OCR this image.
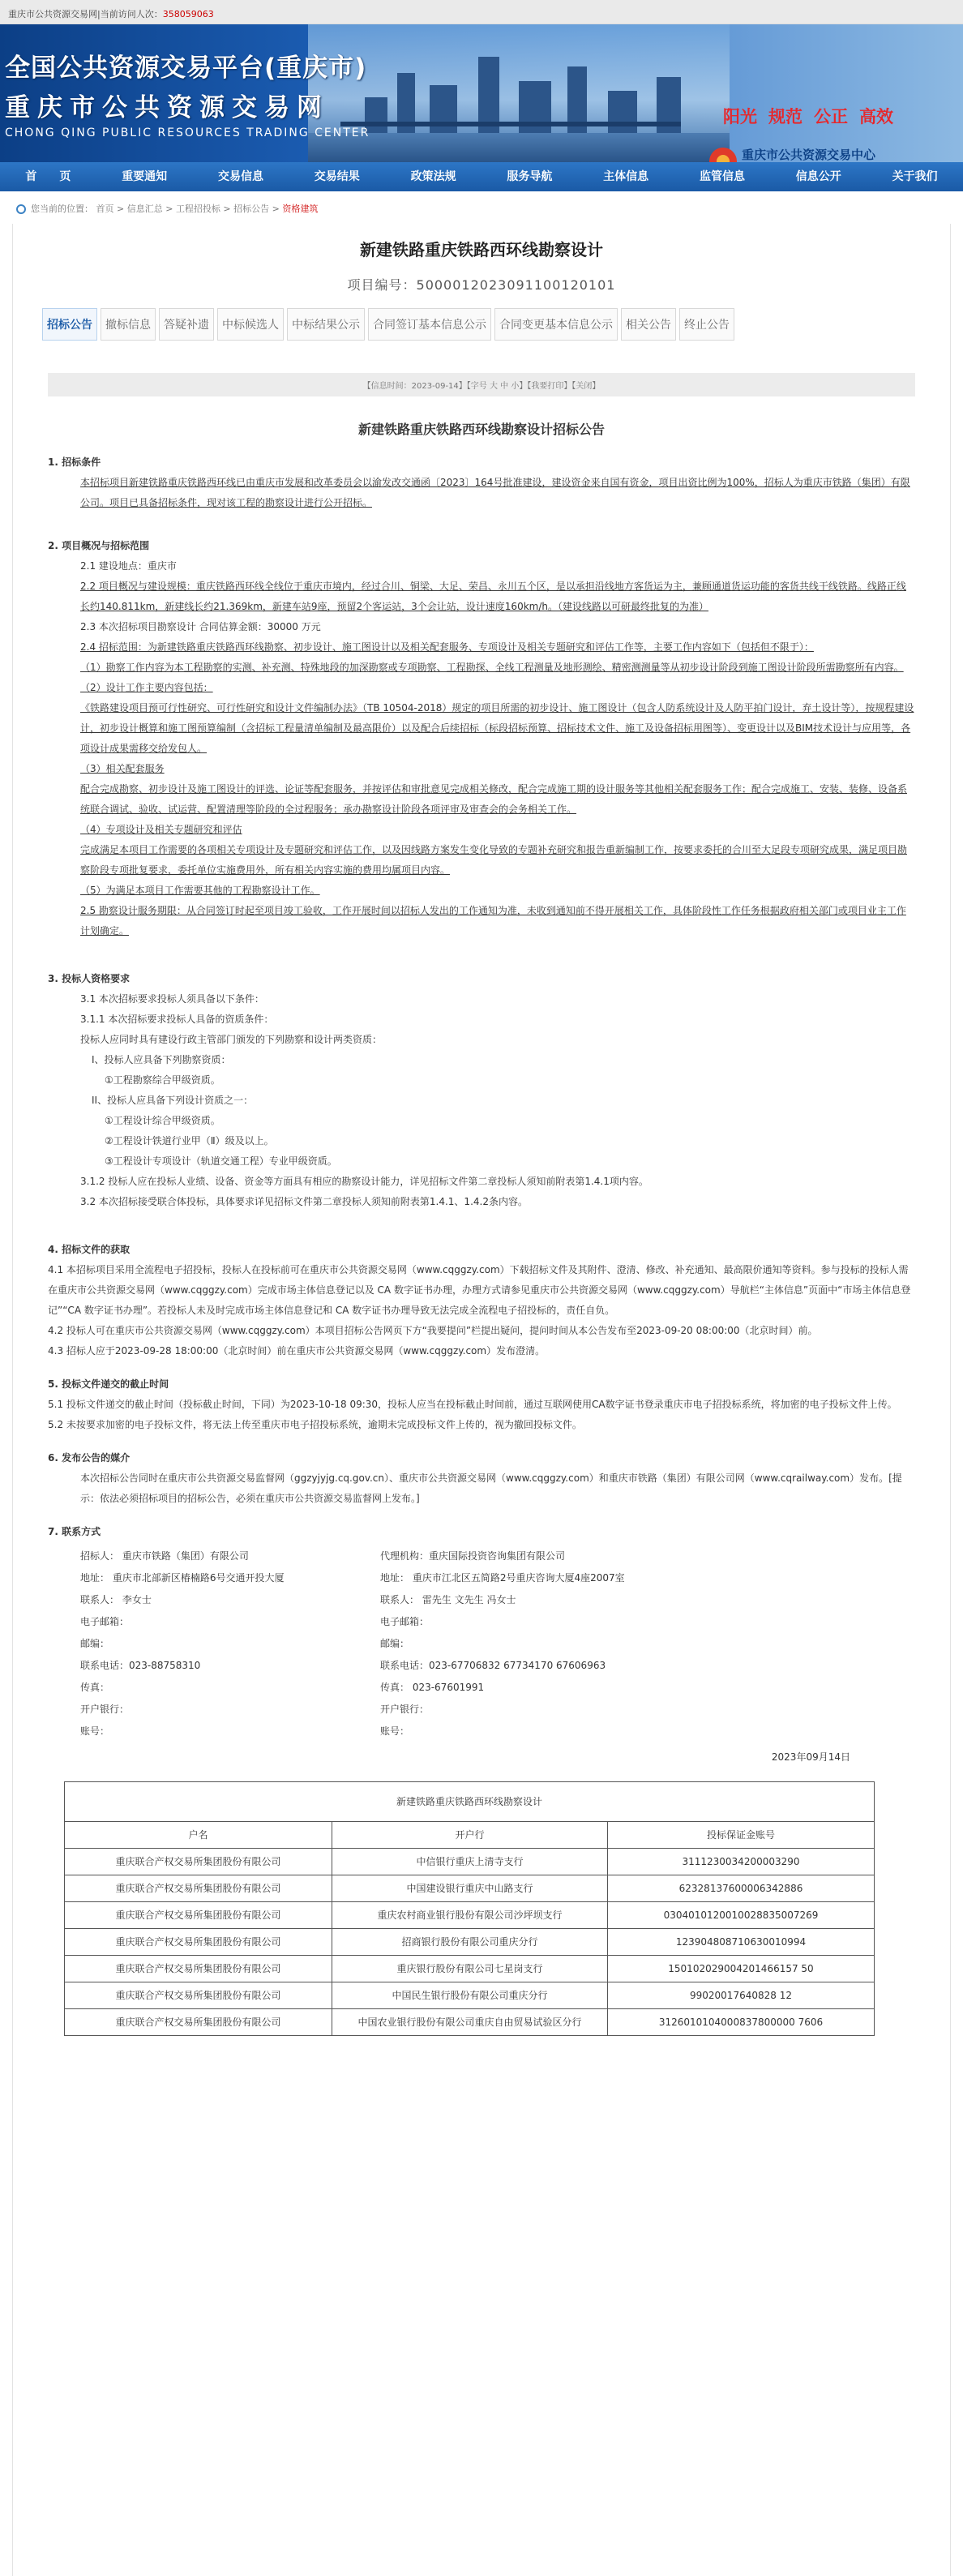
重庆市公共资源交易网|当前访问人次：358059063
全国公共资源交易平台(重庆市)
重庆市公共资源交易网
CHONG QING PUBLIC RESOURCES TRADING CENTER
阳光 规范 公正 高效
重庆市公共资源交易中心
首　　页	重要通知	交易信息	交易结果	政策法规	服务导航	主体信息	监管信息	信息公开	关于我们
您当前的位置： 首页 > 信息汇总 > 工程招投标 > 招标公告 > 资格建筑
新建铁路重庆铁路西环线勘察设计
项目编号：5000012023091100120101
招标公告	撤标信息	答疑补遗	中标候选人	中标结果公示	合同签订基本信息公示	合同变更基本信息公示	相关公告	终止公告
【信息时间：2023-09-14】【字号 大 中 小】【我要打印】【关闭】
新建铁路重庆铁路西环线勘察设计招标公告

1. 招标条件

本招标项目新建铁路重庆铁路西环线已由重庆市发展和改革委员会以渝发改交通函〔2023〕164号批准建设，建设资金来自国有资金，项目出资比例为100%，招标人为重庆市铁路（集团）有限公司。项目已具备招标条件，现对该工程的勘察设计进行公开招标。

2. 项目概况与招标范围

2.1 建设地点：重庆市

2.2 项目概况与建设规模：重庆铁路西环线全线位于重庆市境内，经过合川、铜梁、大足、荣昌、永川五个区，是以承担沿线地方客货运为主，兼顾通道货运功能的客货共线干线铁路。线路正线长约140.811km，新建线长约21.369km，新建车站9座，预留2个客运站，3个会让站，设计速度160km/h。（建设线路以可研最终批复的为准）

2.3 本次招标项目勘察设计 合同估算金额：30000 万元

2.4 招标范围：为新建铁路重庆铁路西环线勘察、初步设计、施工图设计以及相关配套服务、专项设计及相关专题研究和评估工作等，主要工作内容如下（包括但不限于）：

（1）勘察工作内容为本工程勘察的实测、补充测、特殊地段的加深勘察或专项勘察、工程勘探、全线工程测量及地形测绘、精密测测量等从初步设计阶段到施工图设计阶段所需勘察所有内容。

（2）设计工作主要内容包括：

《铁路建设项目预可行性研究、可行性研究和设计文件编制办法》（TB 10504-2018）规定的项目所需的初步设计、施工图设计（包含人防系统设计及人防平拍门设计，弃土设计等），按规程建设计，初步设计概算和施工图预算编制（含招标工程量清单编制及最高限价）以及配合后续招标（标段招标预算、招标技术文件、施工及设备招标用图等）、变更设计以及BIM技术设计与应用等，各项设计成果需移交给发包人。

（3）相关配套服务

配合完成勘察、初步设计及施工图设计的评选、论证等配套服务，并按评估和审批意见完成相关修改，配合完成施工期的设计服务等其他相关配套服务工作；配合完成施工、安装、装修、设备系统联合调试、验收、试运营、配置清理等阶段的全过程服务；承办勘察设计阶段各项评审及审查会的会务相关工作。

（4）专项设计及相关专题研究和评估

完成满足本项目工作需要的各项相关专项设计及专题研究和评估工作，以及因线路方案发生变化导致的专题补充研究和报告重新编制工作，按要求委托的合川至大足段专项研究成果，满足项目勘察阶段专项批复要求，委托单位实施费用外，所有相关内容实施的费用均属项目内容。

（5）为满足本项目工作需要其他的工程勘察设计工作。

2.5 勘察设计服务期限：从合同签订时起至项目竣工验收，工作开展时间以招标人发出的工作通知为准，未收到通知前不得开展相关工作，具体阶段性工作任务根据政府相关部门或项目业主工作计划确定。

3. 投标人资格要求

3.1 本次招标要求投标人须具备以下条件：

3.1.1 本次招标要求投标人具备的资质条件：

投标人应同时具有建设行政主管部门颁发的下列勘察和设计两类资质：

I、投标人应具备下列勘察资质：

①工程勘察综合甲级资质。

II、投标人应具备下列设计资质之一：

①工程设计综合甲级资质。

②工程设计铁道行业甲（Ⅱ）级及以上。

③工程设计专项设计（轨道交通工程）专业甲级资质。

3.1.2 投标人应在投标人业绩、设备、资金等方面具有相应的勘察设计能力，详见招标文件第二章投标人须知前附表第1.4.1项内容。

3.2 本次招标接受联合体投标，具体要求详见招标文件第二章投标人须知前附表第1.4.1、1.4.2条内容。

4. 招标文件的获取

4.1 本招标项目采用全流程电子招投标，投标人在投标前可在重庆市公共资源交易网（www.cqggzy.com）下载招标文件及其附件、澄清、修改、补充通知、最高限价通知等资料。参与投标的投标人需在重庆市公共资源交易网（www.cqggzy.com）完成市场主体信息登记以及 CA 数字证书办理，办理方式请参见重庆市公共资源交易网（www.cqggzy.com）导航栏“主体信息”页面中“市场主体信息登记”“CA 数字证书办理”。若投标人未及时完成市场主体信息登记和 CA 数字证书办理导致无法完成全流程电子招投标的，责任自负。

4.2 投标人可在重庆市公共资源交易网（www.cqggzy.com）本项目招标公告网页下方“我要提问”栏提出疑问，提问时间从本公告发布至2023-09-20 08:00:00（北京时间）前。

4.3 招标人应于2023-09-28 18:00:00（北京时间）前在重庆市公共资源交易网（www.cqggzy.com）发布澄清。

5. 投标文件递交的截止时间

5.1 投标文件递交的截止时间（投标截止时间，下同）为2023-10-18 09:30，投标人应当在投标截止时间前，通过互联网使用CA数字证书登录重庆市电子招投标系统，将加密的电子投标文件上传。

5.2 未按要求加密的电子投标文件，将无法上传至重庆市电子招投标系统，逾期未完成投标文件上传的，视为撤回投标文件。

6. 发布公告的媒介

本次招标公告同时在重庆市公共资源交易监督网（ggzyjyjg.cq.gov.cn）、重庆市公共资源交易网（www.cqggzy.com）和重庆市铁路（集团）有限公司网（www.cqrailway.com）发布。[提示：依法必须招标项目的招标公告，必须在重庆市公共资源交易监督网上发布。]

7. 联系方式

招标人： 重庆市铁路（集团）有限公司	代理机构：重庆国际投资咨询集团有限公司
地址： 重庆市北部新区椿楠路6号交通开投大厦	地址： 重庆市江北区五简路2号重庆咨询大厦4座2007室
联系人： 李女士	联系人： 雷先生 文先生 冯女士
电子邮箱：	电子邮箱：
邮编：	邮编：
联系电话：023-88758310	联系电话：023-67706832 67734170 67606963
传真：	传真： 023-67601991
开户银行：	开户银行：
账号：	账号：
2023年09月14日
新建铁路重庆铁路西环线勘察设计		
户名	开户行	投标保证金账号
重庆联合产权交易所集团股份有限公司	中信银行重庆上清寺支行	3111230034200003290
重庆联合产权交易所集团股份有限公司	中国建设银行重庆中山路支行	62328137600006342886
重庆联合产权交易所集团股份有限公司	重庆农村商业银行股份有限公司沙坪坝支行	0304010120010028835007269
重庆联合产权交易所集团股份有限公司	招商银行股份有限公司重庆分行	123904808710630010994
重庆联合产权交易所集团股份有限公司	重庆银行股份有限公司七星岗支行	150102029004201466157 50
重庆联合产权交易所集团股份有限公司	中国民生银行股份有限公司重庆分行	99020017640828 12
重庆联合产权交易所集团股份有限公司	中国农业银行股份有限公司重庆自由贸易试验区分行	3126010104000837800000 7606
